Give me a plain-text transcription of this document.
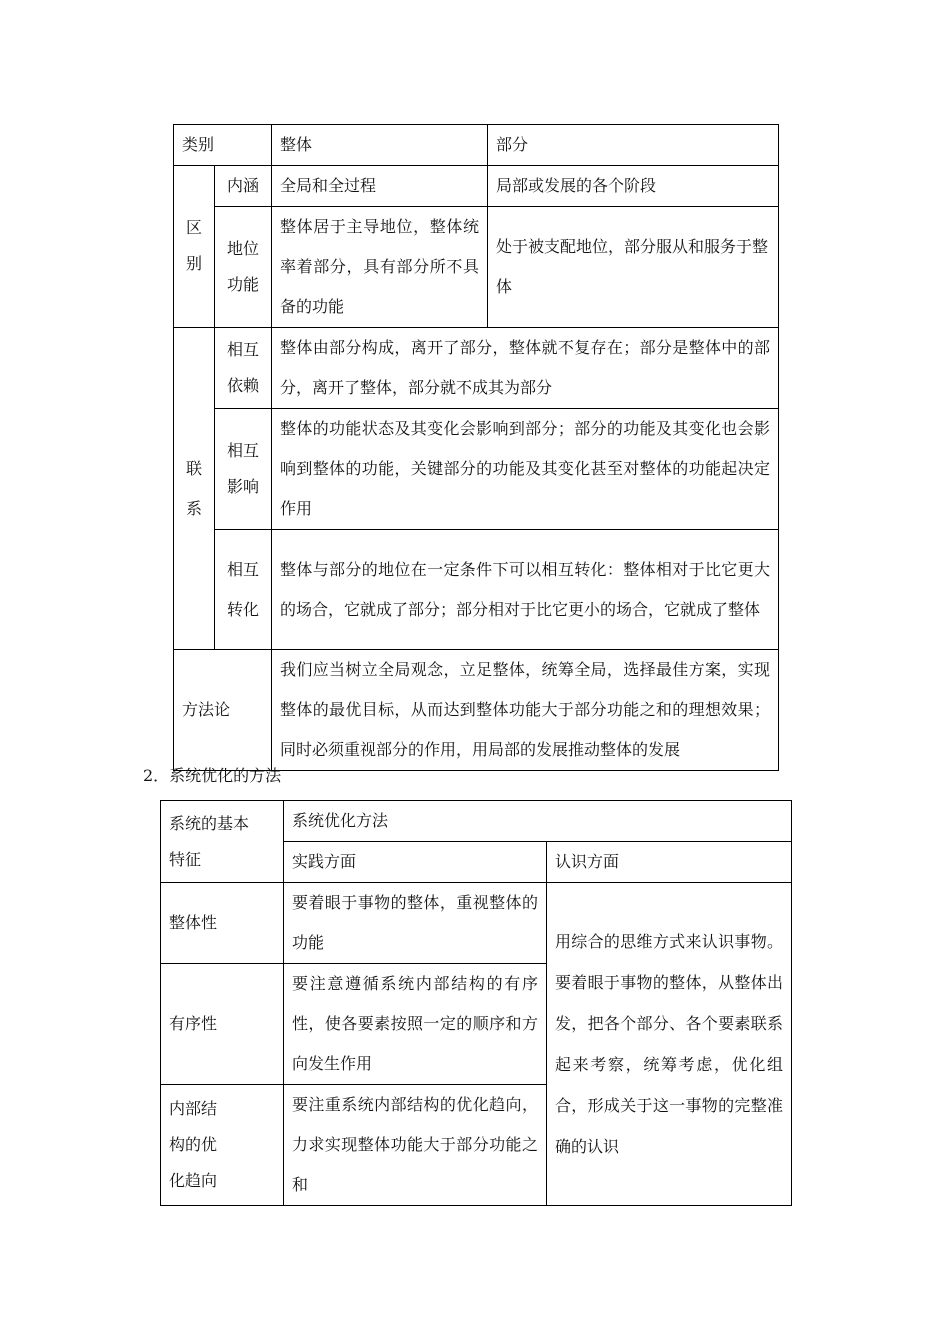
类别		整体	部分
区别	内涵	全局和全过程	局部或发展的各个阶段
	地位功能	整体居于主导地位，整体统率着部分，具有部分所不具备的功能	处于被支配地位，部分服从和服务于整体
联系	相互依赖	整体由部分构成，离开了部分，整体就不复存在；部分是整体中的部分，离开了整体，部分就不成其为部分	
	相互影响	整体的功能状态及其变化会影响到部分；部分的功能及其变化也会影响到整体的功能，关键部分的功能及其变化甚至对整体的功能起决定作用	
	相互转化	整体与部分的地位在一定条件下可以相互转化：整体相对于比它更大的场合，它就成了部分；部分相对于比它更小的场合，它就成了整体	
方法论		我们应当树立全局观念，立足整体，统筹全局，选择最佳方案，实现整体的最优目标，从而达到整体功能大于部分功能之和的理想效果；同时必须重视部分的作用，用局部的发展推动整体的发展	
2．系统优化的方法
系统的基本特征	系统优化方法	
	实践方面	认识方面
整体性	要着眼于事物的整体，重视整体的功能	用综合的思维方式来认识事物。要着眼于事物的整体，从整体出发，把各个部分、各个要素联系起来考察，统筹考虑，优化组合，形成关于这一事物的完整准确的认识
有序性	要注意遵循系统内部结构的有序性，使各要素按照一定的顺序和方向发生作用	
内部结构的优化趋向	要注重系统内部结构的优化趋向，力求实现整体功能大于部分功能之和	
